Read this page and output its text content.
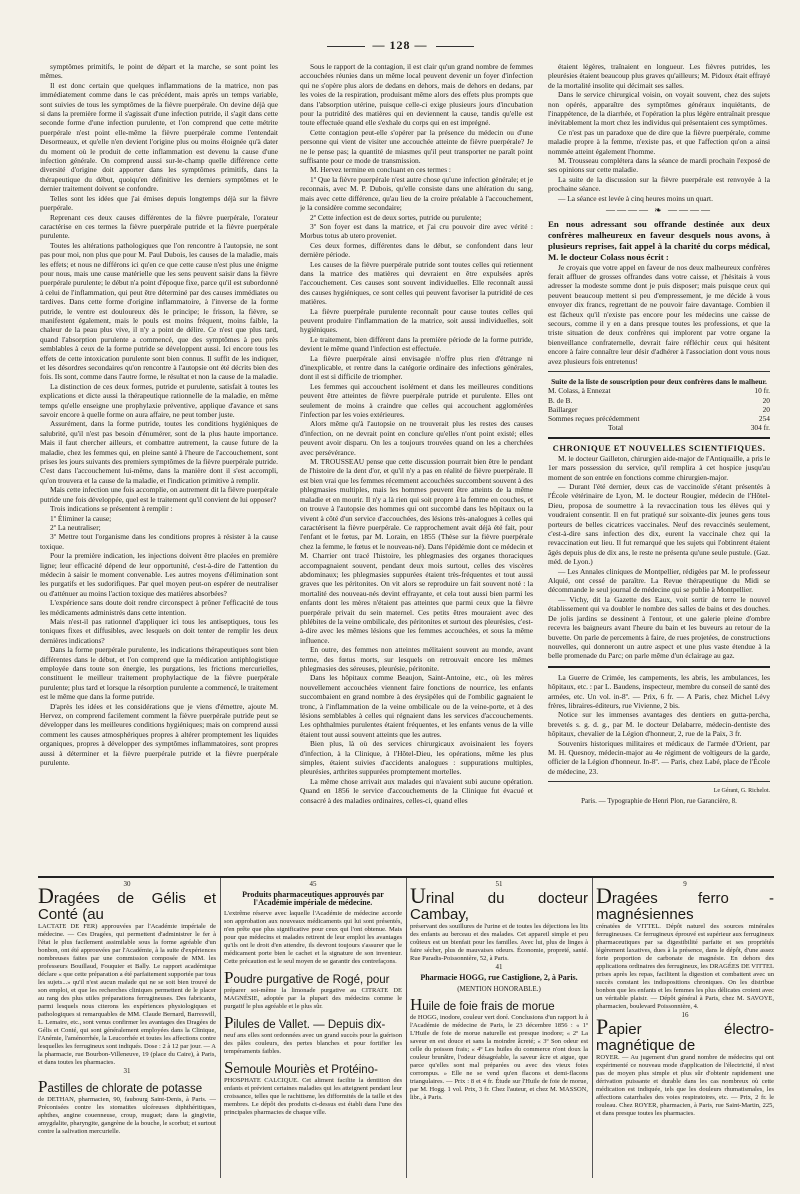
— 128 —

symptômes primitifs, le point de départ et la marche, se sont point les mêmes.

Il est donc certain que quelques inflammations de la matrice, non pas immédiatement comme dans le cas précédent, mais après un temps variable, sont suivies de tous les symptômes de la fièvre puerpérale. On devine déjà que si dans la première forme il s'agissait d'une infection putride, il s'agit dans cette seconde forme d'une infection purulente, et l'on comprend que cette métrite puerpérale n'est point elle-même la fièvre puerpérale comme l'entendait Desormeaux, et qu'elle n'en devient l'origine plus ou moins éloignée qu'à dater du moment où le produit de cette inflammation est devenu la cause d'une infection générale. On comprend aussi sur-le-champ quelle différence cette diversité d'origine doit apporter dans les symptômes primitifs, dans la thérapeutique du début, quoiqu'en définitive les derniers symptômes et le dernier traitement doivent se confondre.

Telles sont les idées que j'ai émises depuis longtemps déjà sur la fièvre puerpérale.

Reprenant ces deux causes différentes de la fièvre puerpérale, l'orateur caractérise en ces termes la fièvre puerpérale putride et la fièvre puerpérale purulente.

Toutes les altérations pathologiques que l'on rencontre à l'autopsie, ne sont pas pour moi, non plus que pour M. Paul Dubois, les causes de la maladie, mais les effets; et nous ne différons ici qu'en ce que cette cause n'est plus une énigme pour nous, mais une cause matérielle que les sens peuvent saisir dans la fièvre puerpérale purulente; le début n'a point d'époque fixe, parce qu'il est subordonné à celui de l'inflammation, qui peut être déterminé par des causes immédiates ou tardives. Dans cette forme d'origine inflammatoire, à l'inverse de la forme putride, le ventre est douloureux dès le principe; le frisson, la fièvre, se manifestent également, mais le pouls est moins fréquent, moins faible, la chaleur de la peau plus vive, il n'y a point de délire. Ce n'est que plus tard, quand l'absorption purulente a commencé, que des symptômes à peu près semblables à ceux de la forme putride se développent aussi. Ici encore tous les effets de cette intoxication purulente sont bien connus. Il suffit de les indiquer, et les désordres secondaires qu'on rencontre à l'autopsie ont été décrits bien des fois. Ils sont, comme dans l'autre forme, le résultat et non la cause de la maladie.

La distinction de ces deux formes, putride et purulente, satisfait à toutes les explications et dicte aussi la thérapeutique rationnelle de la maladie, en même temps qu'elle enseigne une prophylaxie préventive, applique d'avance et sans savoir encore à quelle forme on aura affaire, ne peut tomber juste.

Assurément, dans la forme putride, toutes les conditions hygiéniques de salubrité, qu'il n'est pas besoin d'énumérer, sont de la plus haute importance. Mais il faut chercher ailleurs, et combattre autrement, la cause future de la maladie, chez les femmes qui, en pleine santé à l'heure de l'accouchement, sont prises les jours suivants des premiers symptômes de la fièvre puerpérale putride. C'est dans l'accouchement lui-même, dans la manière dont il s'est accompli, qu'on trouvera et la cause de la maladie, et l'indication primitive à remplir.

Mais cette infection une fois accomplie, on autrement dit la fièvre puerpérale putride une fois développée, quel est le traitement qu'il convient de lui opposer?

Trois indications se présentent à remplir :

1º Éliminer la cause;

2º La neutraliser;

3º Mettre tout l'organisme dans les conditions propres à résister à la cause toxique.

Pour la première indication, les injections doivent être placées en première ligne; leur efficacité dépend de leur opportunité, c'est-à-dire de l'attention du médecin à saisir le moment convenable. Les autres moyens d'élimination sont les purgatifs et les sudorifiques. Par quel moyen peut-on espérer de neutraliser ou d'atténuer au moins l'action toxique des matières absorbées?

L'expérience sans doute doit rendre circonspect à prôner l'efficacité de tous les médicaments administrés dans cette intention.

Mais n'est-il pas rationnel d'appliquer ici tous les antiseptiques, tous les toniques fixes et diffusibles, avec lesquels on doit tenter de remplir les deux dernières indications?

Dans la forme puerpérale purulente, les indications thérapeutiques sont bien différentes dans le début, et l'on comprend que la médication antiphlogistique employée dans toute son énergie, les purgations, les frictions mercurielles, constituent le meilleur traitement prophylactique de la fièvre puerpérale purulente; plus tard et lorsque la résorption purulente a commencé, le traitement est le même que dans la forme putride.

D'après les idées et les considérations que je viens d'émettre, ajoute M. Hervez, on comprend facilement comment la fièvre puerpérale putride peut se développer dans les meilleures conditions hygiéniques; mais on comprend aussi comment les causes atmosphériques propres à altérer promptement les liquides organiques, propres à développer des symptômes inflammatoires, sont propres aussi à déterminer et la fièvre puerpérale putride et la fièvre puerpérale purulente.

Sous le rapport de la contagion, il est clair qu'un grand nombre de femmes accouchées réunies dans un même local peuvent devenir un foyer d'infection qui ne s'opère plus alors de dedans en dehors, mais de dehors en dedans, par les voies de la respiration, produisant même alors des effets plus prompts que dans l'absorption utérine, puisque celle-ci exige plusieurs jours d'incubation pour la putridité des matières qui en deviennent la cause, tandis qu'elle est toute effectuée quand elle s'exhale du corps qui en est imprégné.

Cette contagion peut-elle s'opérer par la présence du médecin ou d'une personne qui vient de visiter une accouchée atteinte de fièvre puerpérale? Je ne le pense pas; la quantité de miasmes qu'il peut transporter ne paraît point suffisante pour ce mode de transmission.

M. Hervez termine en concluant en ces termes :

1º Que la fièvre puerpérale n'est autre chose qu'une infection générale; et je reconnais, avec M. P. Dubois, qu'elle consiste dans une altération du sang, mais avec cette différence, qu'au lieu de la croire préalable à l'accouchement, je la considère comme secondaire;

2º Cette infection est de deux sortes, putride ou purulente;

3º Son foyer est dans la matrice, et j'ai cru pouvoir dire avec vérité : Morbus totus ab utero proveniet.

Ces deux formes, différentes dans le début, se confondent dans leur dernière période.

Les causes de la fièvre puerpérale putride sont toutes celles qui retiennent dans la matrice des matières qui devraient en être expulsées après l'accouchement. Ces causes sont souvent individuelles. Elle reconnaît aussi des causes hygiéniques, ce sont celles qui peuvent favoriser la putridité de ces matières.

La fièvre puerpérale purulente reconnaît pour cause toutes celles qui peuvent produire l'inflammation de la matrice, soit aussi individuelles, soit hygiéniques.

Le traitement, bien différent dans la première période de la forme putride, devient le même quand l'infection est effectuée.

La fièvre puerpérale ainsi envisagée n'offre plus rien d'étrange ni d'inexplicable, et rentre dans la catégorie ordinaire des infections générales, dont il est si difficile de triompher.

Les femmes qui accouchent isolément et dans les meilleures conditions peuvent être atteintes de fièvre puerpérale putride et purulente. Elles ont seulement de moins à craindre que celles qui accouchent agglomérées l'infection par les voies extérieures.

Alors même qu'à l'autopsie on ne trouverait plus les restes des causes d'infection, on ne devrait point en conclure qu'elles n'ont point existé; elles peuvent avoir disparu. On les a toujours trouvées quand on les a cherchées avec persévérance.

M. TROUSSEAU pense que cette discussion pourrait bien être le pendant de l'histoire de la dent d'or, et qu'il n'y a pas en réalité de fièvre puerpérale. Il est bien vrai que les femmes récemment accouchées succombent souvent à des phlegmasies multiples, mais les hommes peuvent être atteints de la même maladie et en mourir. Il n'y a là rien qui soit propre à la femme en couches, et on trouve à l'autopsie des hommes qui ont succombé dans les hôpitaux ou la vivent à côté d'un service d'accouchées, des lésions très-analogues à celles qui caractérisent la fièvre puerpérale. Ce rapprochement avait déjà été fait, pour l'enfant et le fœtus, par M. Lorain, en 1855 (Thèse sur la fièvre puerpérale chez la femme, le fœtus et le nouveau-né). Dans l'épidémie dont ce médecin et M. Charrier ont tracé l'histoire, les phlegmasies des organes thoraciques accompagnaient souvent, pendant deux mois surtout, celles des viscères abdominaux; les phlegmasies suppurées étaient très-fréquentes et tout aussi graves que les péritonites. On vit alors se reproduire un fait souvent noté : la mortalité des nouveau-nés devint effrayante, et cela tout aussi bien parmi les enfants dont les mères n'étaient pas atteintes que parmi ceux que la fièvre puerpérale privait du sein maternel. Ces petits êtres mouraient avec des phlébites de la veine ombilicale, des péritonites et surtout des pleurésies, c'est-à-dire avec les mêmes lésions que les femmes accouchées, et sous la même influence.

En outre, des femmes non atteintes mélitaient souvent au monde, avant terme, des fœtus morts, sur lesquels on retrouvait encore les mêmes phlegmasies des séreuses, pleurésie, péritonite.

Dans les hôpitaux comme Beaujon, Saint-Antoine, etc., où les mères nouvellement accouchées viennent faire fonctions de nourrice, les enfants succombaient en grand nombre à des érysipèles qui de l'ombilic gagnaient le tronc, à l'inflammation de la veine ombilicale ou de la veine-porte, et à des lésions semblables à celles qui régnaient dans les services d'accouchements. Les ophthalmies purulentes étaient fréquentes, et les enfants venus de la ville étaient tout aussi souvent atteints que les autres.

Bien plus, là où des services chirurgicaux avoisinaient les foyers d'infection, à la Clinique, à l'Hôtel-Dieu, les opérations, même les plus simples, étaient suivies d'accidents analogues : suppurations multiples, pleurésies, arthrites suppurées promptement mortelles.

La même chose arrivait aux malades qui n'avaient subi aucune opération. Quand en 1856 le service d'accouchements de la Clinique fut évacué et consacré à des maladies ordinaires, celles-ci, quand elles

étaient légères, traînaient en longueur. Les fièvres putrides, les pleurésies étaient beaucoup plus graves qu'ailleurs; M. Pidoux était effrayé de la mortalité insolite qui décimait ses salles.

Dans le service chirurgical voisin, on voyait souvent, chez des sujets non opérés, apparaître des symptômes généraux inquiétants, de l'inappétence, de la diarrhée, et l'opération la plus légère entraînait presque inévitablement la mort chez les individus qui présentaient ces symptômes.

Ce n'est pas un paradoxe que de dire que la fièvre puerpérale, comme maladie propre à la femme, n'existe pas, et que l'affection qu'on a ainsi nommée atteint également l'homme.

M. Trousseau complétera dans la séance de mardi prochain l'exposé de ses opinions sur cette maladie.

La suite de la discussion sur la fièvre puerpérale est renvoyée à la prochaine séance.

— La séance est levée à cinq heures moins un quart.

———— ❧ ————

En nous adressant sou offrande destinée aux deux confrères malheureux en faveur desquels nous avons, à plusieurs reprises, fait appel à la charité du corps médical, M. le docteur Colass nous écrit :

Je croyais que votre appel en faveur de nos deux malheureux confrères ferait affluer de grosses offrandes dans votre caisse, et j'hésitais à vous adresser la modeste somme dont je puis disposer; mais puisque ceux qui peuvent beaucoup mettent si peu d'empressement, je me décide à vous envoyer dix francs, regrettant de ne pouvoir faire davantage. Combien il est fâcheux qu'il n'existe pas encore pour les médecins une caisse de secours, comme il y en a dans presque toutes les professions, et que la triste situation de deux confrères qui implorent par votre organe la bienveillance confraternelle, devrait faire réfléchir ceux qui hésitent encore à faire connaître leur désir d'adhérer à l'association dont vous nous avez plusieurs fois entretenus!

Suite de la liste de souscription pour deux confrères dans le malheur.

M. Colass, à Ennezat	10 fr.
B. de B.	20
Baillarger	20
Sommes reçues précédemment	254
Total	304 fr.

CHRONIQUE ET NOUVELLES SCIENTIFIQUES.

M. le docteur Gailleton, chirurgien aide-major de l'Antiquaille, a pris le 1er mars possession du service, qu'il remplira à cet hospice jusqu'au moment de son entrée en fonctions comme chirurgien-major.

— Durant l'été dernier, deux cas de vaccinoïde s'étant présentés à l'École vétérinaire de Lyon, M. le docteur Rougier, médecin de l'Hôtel-Dieu, proposa de soumettre à la revaccination tous les élèves qui y voudraient consentir. Il en fut pratiqué sur soixante-dix jeunes gens tous porteurs de belles cicatrices vaccinales. Neuf des revaccinés seulement, c'est-à-dire sans infection des dix, eurent la vaccinale chez qui la revaccination eut lieu. Il fut remarqué que les sujets qui l'obtinrent étaient âgés depuis plus de dix ans, le reste ne présenta qu'une seule pustule. (Gaz. méd. de Lyon.)

— Les Annales cliniques de Montpellier, rédigées par M. le professeur Alquié, ont cessé de paraître. La Revue thérapeutique du Midi se décommande le seul journal de médecine qui se publie à Montpellier.

— Vichy, dit la Gazette des Eaux, voit sortir de terre le nouvel établissement qui va doubler le nombre des salles de bains et des douches. De jolis jardins se dessinent à l'entour, et une galerie pleine d'ombre recevra les baigneurs avant l'heure du bain et les buveurs au retour de la buvette. On parle de percements à faire, de rues projetées, de constructions nouvelles, qui donneront un autre aspect et une plus vaste étendue à la belle promenade du Parc; on parle même d'un éclairage au gaz.

La Guerre de Crimée, les campements, les abris, les ambulances, les hôpitaux, etc. : par L. Baudens, inspecteur, membre du conseil de santé des armées, etc. Un vol. in-8º. — Prix, 6 fr. — A Paris, chez Michel Lévy frères, libraires-éditeurs, rue Vivienne, 2 bis.

Notice sur les immenses avantages des dentiers en gutta-percha, brevetés s. g. d. g., par M. le docteur Delabarre, médecin-dentiste des hôpitaux, chevalier de la Légion d'honneur, 2, rue de la Paix, 3 fr.

Souvenirs historiques militaires et médicaux de l'armée d'Orient, par M. H. Quesnoy, médecin-major au 4e régiment de voltigeurs de la garde, officier de la Légion d'honneur. In-8º. — Paris, chez Labé, place de l'École de médecine, 23.

Le Gérant, G. Richelot.
Paris. — Typographie de Henri Plon, rue Garancière, 8.
30
Dragées de Gélis et Conté (au

LACTATE DE FER) approuvées par l'Académie impériale de médecine. — Ces Dragées, qui permettent d'administrer le fer à l'état le plus facilement assimilable sous la forme agréable d'un bonbon, ont été approuvées par l'Académie, à la suite d'expériences nombreuses faites par une commission composée de MM. les professeurs Bouillaud, Fouquier et Bally. Le rapport académique déclare « que cette préparation a été parfaitement supportée par tous les sujets...» qu'il n'est aucun malade qui ne se soit bien trouvé de son emploi, et que les recherches cliniques permettent de le placer au rang des plus utiles préparations ferrugineuses. Des fabricants, parmi lesquels nous citerons les expériences physiologiques et pathologiques si remarquables de MM. Claude Bernard, Barreswill, L. Lemaire, etc., sont venus confirmer les avantages des Dragées de Gélis et Conté, qui sont généralement employées dans la Clinique, l'Anémie, l'aménorrhée, la Leucorrhée et toutes les affections contre lesquelles les ferrugineux sont indiqués. Dose : 2 à 12 par jour. — A la pharmacie, rue Bourbon-Villeneuve, 19 (place du Caire), à Paris, et dans toutes les pharmacies.

31
Pastilles de chlorate de potasse

de DETHAN, pharmacien, 90, faubourg Saint-Denis, à Paris. — Préconisées contre les stomatites ulcéreuses diphthéritiques, aphthes, angine couenneuse, croup, muguet; dans la gingivite, amygdalite, pharyngite, gangrène de la bouche, le scorbut; et surtout contre la salivation mercurielle.

45
Produits pharmaceutiques approuvés par l'Académie impériale de médecine.

L'extrême réserve avec laquelle l'Académie de médecine accorde son approbation aux nouveaux médicaments qui lui sont présentés, n'en prête que plus significative pour ceux qui l'ont obtenue. Mais pour que médecins et malades retirent de leur emploi les avantages qu'ils ont le droit d'en attendre, ils devront toujours s'assurer que le médicament porte bien le cachet et la signature de son inventeur. Cette précaution est le seul moyen de se garantir des contrefaçons.

Poudre purgative de Rogé, pour

préparer soi-même la limonade purgative au CITRATE DE MAGNÉSIE, adoptée par la plupart des médecins comme le purgatif le plus agréable et le plus sûr.

Pilules de Vallet. — Depuis dix-

neuf ans elles sont ordonnées avec un grand succès pour la guérison des pâles couleurs, des pertes blanches et pour fortifier les tempéraments faibles.

Semoule Mouriès et Protéino-

PHOSPHATE CALCIQUE. Cet aliment facilite la dentition des enfants et prévient certaines maladies qui les atteignent pendant leur croissance, telles que le rachitisme, les difformités de la taille et des membres. Le dépôt des produits ci-dessus est établi dans l'une des principales pharmacies de chaque ville.

51
Urinal du docteur Cambay,

préservant des souillures de l'urine et de toutes les déjections les lits des enfants au berceau et des malades. Cet appareil simple et peu coûteux est un bienfait pour les familles. Avec lui, plus de linges à faire sécher, plus de mauvaises odeurs. Économie, propreté, santé. Rue Paradis-Poissonnière, 52, à Paris.

41
Pharmacie HOGG, rue Castiglione, 2, à Paris.
(MENTION HONORABLE.)
Huile de foie frais de morue

de HOGG, inodore, couleur vert doré. Conclusions d'un rapport lu à l'Académie de médecine de Paris, le 23 décembre 1856 : « 1º L'Huile de foie de morue naturelle est presque inodore; « 2º La saveur en est douce et sans la moindre âcreté; « 3º Son odeur est celle du poisson frais; « 4º Les huiles du commerce n'ont doux la couleur brunâtre, l'odeur désagréable, la saveur âcre et aigue, que parce qu'elles sont mal préparées ou avec des vieux foies corrompus. » Elle ne se vend qu'en flacons et demi-flacons triangulaires. — Prix : 8 et 4 fr. Étude sur l'Huile de foie de morue, par M. Hogg. 1 vol. Prix, 3 fr. Chez l'auteur, et chez M. MASSON, libr., à Paris.

9
Dragées ferro - magnésiennes

crénatées de VITTEL. Dépôt naturel des sources minérales ferrugineuses. Ce ferrugineux éprouvé est supérieur aux ferrugineux pharmaceutiques par sa digestibilité parfaite et ses propriétés légèrement laxatives, dues à la présence, dans le dépôt, d'une assez forte proportion de carbonate de magnésie. En dehors des applications ordinaires des ferrugineux, les DRAGÉES DE VITTEL prises après les repas, facilitent la digestion et combattent avec un succès constant les indispositions chroniques. On les distribue bonbon que les enfants et les femmes les plus délicates croient avec un véritable plaisir. — Dépôt général à Paris, chez M. SAVOYE, pharmacien, boulevard Poissonnière, 4.

16
Papier électro-magnétique de

ROYER. — Au jugement d'un grand nombre de médecins qui ont expérimenté ce nouveau mode d'application de l'électricité, il n'est pas de moyen plus simple et plus sûr d'obtenir rapidement une dérivation puissante et durable dans les cas nombreux où cette médication est indiquée, tels que les douleurs rhumatismales, les affections catarrhales des voies respiratoires, etc. — Prix, 2 fr. le rouleau. Chez ROYER, pharmacien, à Paris, rue Saint-Martin, 225, et dans presque toutes les pharmacies.
